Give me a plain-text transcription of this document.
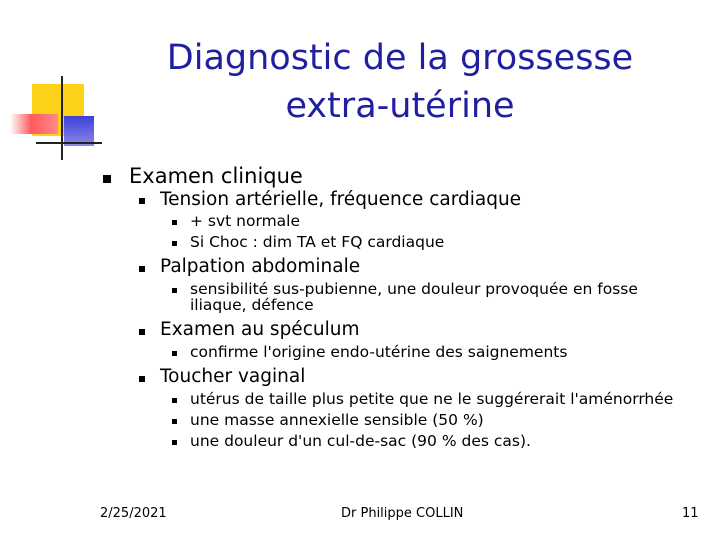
Diagnostic de la grossesse
extra-utérine
Examen clinique
Tension artérielle, fréquence cardiaque
+ svt normale
Si Choc : dim TA et FQ cardiaque
Palpation abdominale
sensibilité sus-pubienne, une douleur provoquée en fosse
iliaque, défence
Examen au spéculum
confirme l'origine endo-utérine des saignements
Toucher vaginal
utérus de taille plus petite que ne le suggérerait l'aménorrhée
une masse annexielle sensible (50 %)
une douleur d'un cul-de-sac (90 % des cas).
2/25/2021	Dr Philippe COLLIN	11
